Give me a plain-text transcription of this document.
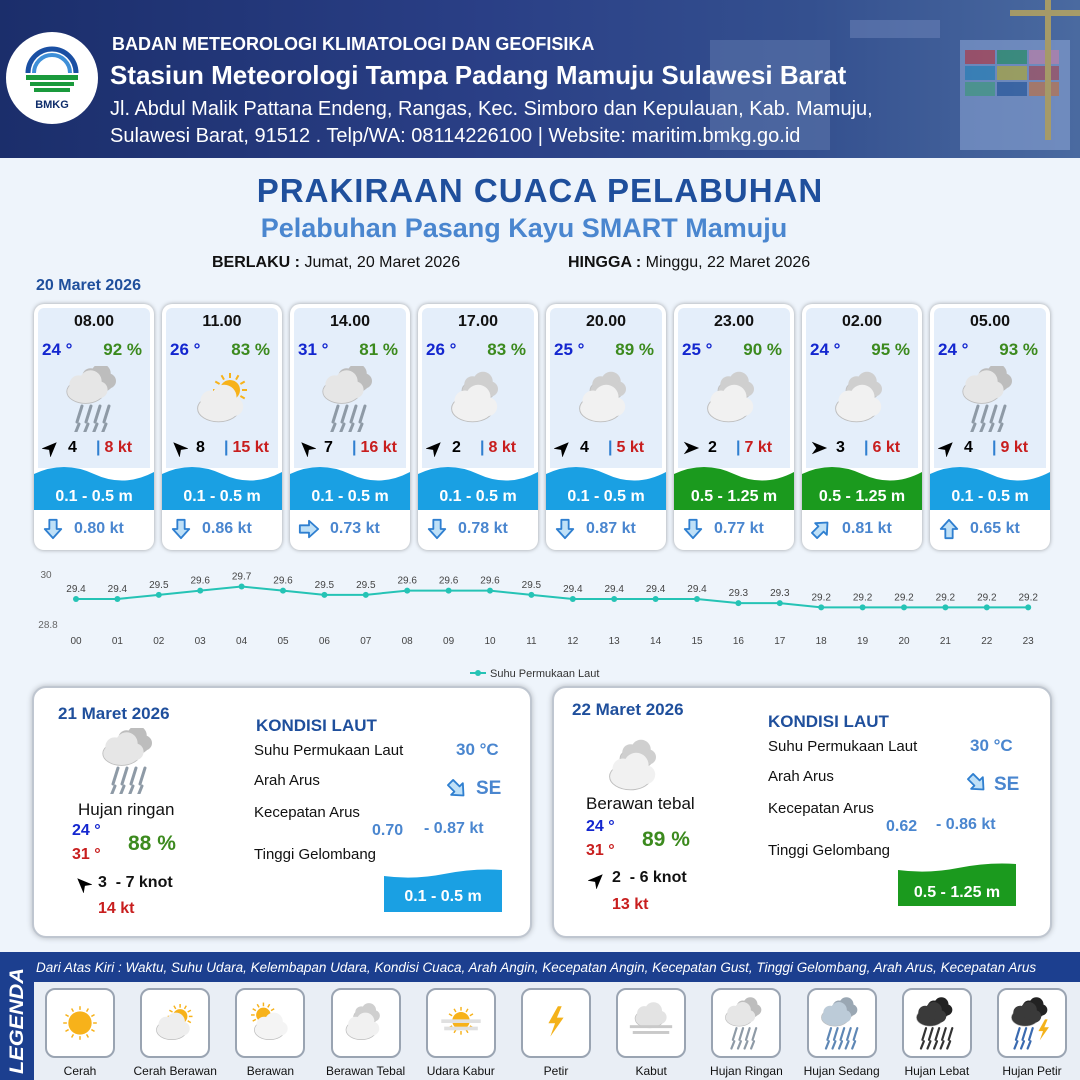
BMKG
BADAN METEOROLOGI KLIMATOLOGI DAN GEOFISIKA
Stasiun Meteorologi Tampa Padang Mamuju Sulawesi Barat
Jl. Abdul Malik Pattana Endeng, Rangas, Kec. Simboro dan Kepulauan, Kab. Mamuju,
Sulawesi Barat, 91512 . Telp/WA: 08114226100 | Website: maritim.bmkg.go.id
PRAKIRAAN CUACA PELABUHAN
Pelabuhan Pasang Kayu SMART Mamuju
BERLAKU : Jumat, 20 Maret 2026	HINGGA : Minggu, 22 Maret 2026
20 Maret 2026
08.00
24 ° 92 %
4 | 8 kt
0.1 - 0.5 m
0.80 kt
11.00
26 ° 83 %
8 | 15 kt
0.1 - 0.5 m
0.86 kt
14.00
31 ° 81 %
7 | 16 kt
0.1 - 0.5 m
0.73 kt
17.00
26 ° 83 %
2 | 8 kt
0.1 - 0.5 m
0.78 kt
20.00
25 ° 89 %
4 | 5 kt
0.1 - 0.5 m
0.87 kt
23.00
25 ° 90 %
2 | 7 kt
0.5 - 1.25 m
0.77 kt
02.00
24 ° 95 %
3 | 6 kt
0.5 - 1.25 m
0.81 kt
05.00
24 ° 93 %
4 | 9 kt
0.1 - 0.5 m
0.65 kt
30
28.8
29.4
00
29.4
01
29.5
02
29.6
03
29.7
04
29.6
05
29.5
06
29.5
07
29.6
08
29.6
09
29.6
10
29.5
11
29.4
12
29.4
13
29.4
14
29.4
15
29.3
16
29.3
17
29.2
18
29.2
19
29.2
20
29.2
21
29.2
22
29.2
23
Suhu Permukaan Laut
21 Maret 2026
Hujan ringan
24 °
31 ° 88 %
3  - 7 knot
14 kt
KONDISI LAUT
Suhu Permukaan Laut	30 °C
Arah Arus	SE
Kecepatan Arus
0.70 - 0.87 kt
Tinggi Gelombang
0.1 - 0.5 m
22 Maret 2026
Berawan tebal
24 °
31 ° 89 %
2  - 6 knot
13 kt
KONDISI LAUT
Suhu Permukaan Laut	30 °C
Arah Arus	SE
Kecepatan Arus
0.62 - 0.86 kt
Tinggi Gelombang
0.5 - 1.25 m
LEGENDA
Dari Atas Kiri : Waktu, Suhu Udara, Kelembapan Udara, Kondisi Cuaca, Arah Angin, Kecepatan Angin, Kecepatan Gust, Tinggi Gelombang, Arah Arus, Kecepatan Arus
Cerah	Cerah Berawan	Berawan	Berawan Tebal	Udara Kabur	Petir	Kabut	Hujan Ringan	Hujan Sedang	Hujan Lebat	Hujan Petir
